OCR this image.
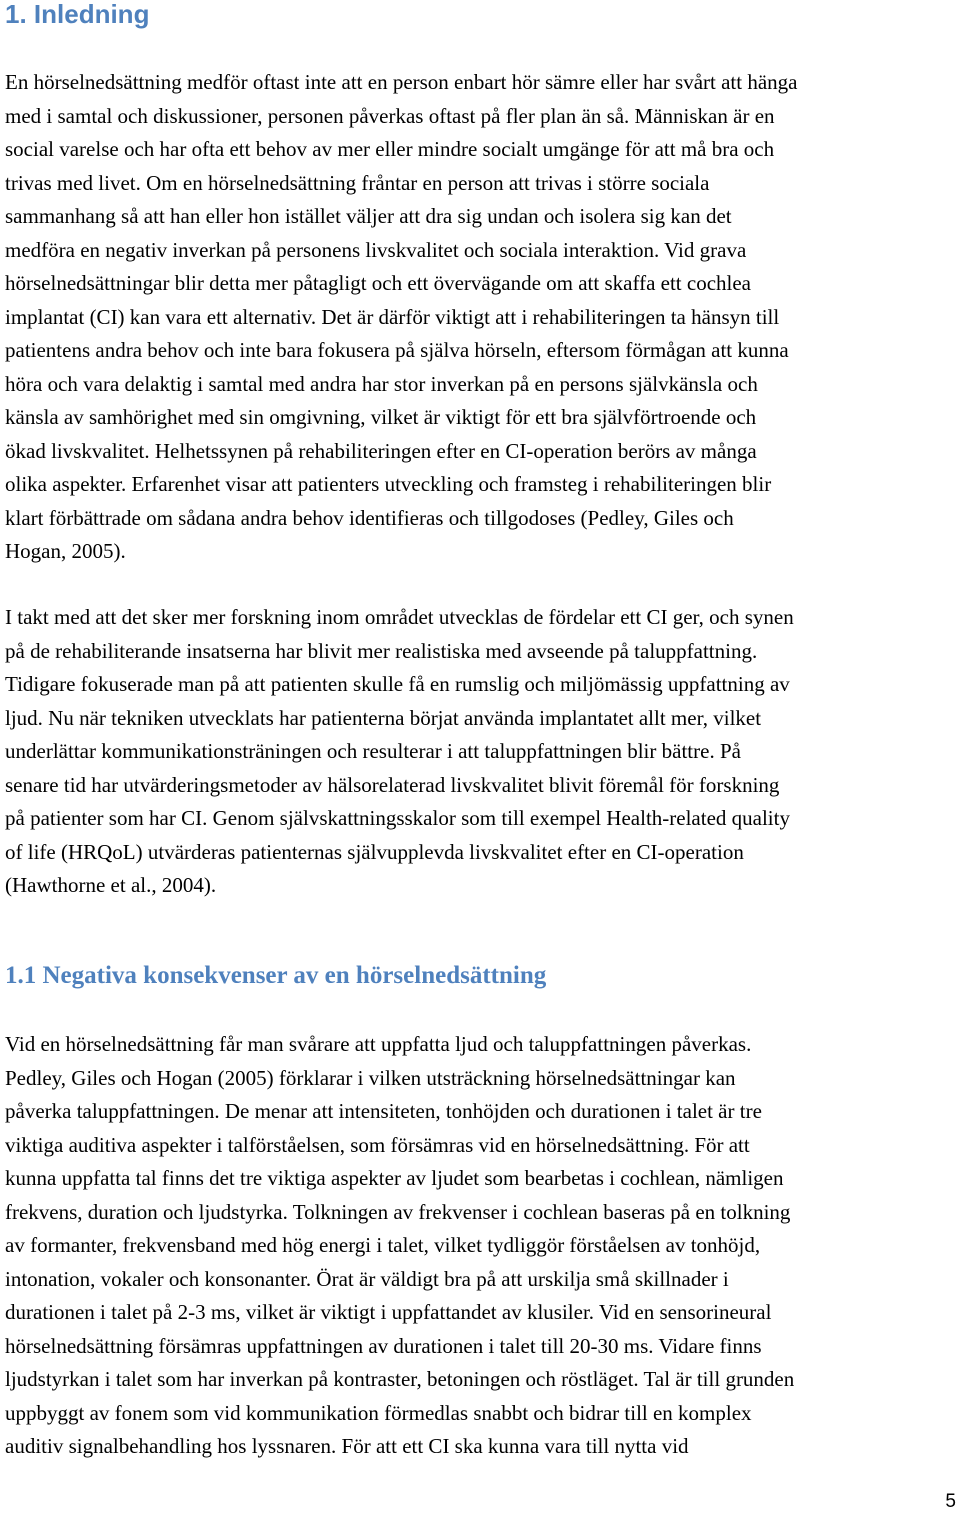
1. Inledning
En hörselnedsättning medför oftast inte att en person enbart hör sämre eller har svårt att hänga
med i samtal och diskussioner, personen påverkas oftast på fler plan än så. Människan är en
social varelse och har ofta ett behov av mer eller mindre socialt umgänge för att må bra och
trivas med livet. Om en hörselnedsättning fråntar en person att trivas i större sociala
sammanhang så att han eller hon istället väljer att dra sig undan och isolera sig kan det
medföra en negativ inverkan på personens livskvalitet och sociala interaktion. Vid grava
hörselnedsättningar blir detta mer påtagligt och ett övervägande om att skaffa ett cochlea
implantat (CI) kan vara ett alternativ. Det är därför viktigt att i rehabiliteringen ta hänsyn till
patientens andra behov och inte bara fokusera på själva hörseln, eftersom förmågan att kunna
höra och vara delaktig i samtal med andra har stor inverkan på en persons självkänsla och
känsla av samhörighet med sin omgivning, vilket är viktigt för ett bra självförtroende och
ökad livskvalitet. Helhetssynen på rehabiliteringen efter en CI-operation berörs av många
olika aspekter. Erfarenhet visar att patienters utveckling och framsteg i rehabiliteringen blir
klart förbättrade om sådana andra behov identifieras och tillgodoses (Pedley, Giles och
Hogan, 2005).
I takt med att det sker mer forskning inom området utvecklas de fördelar ett CI ger, och synen
på de rehabiliterande insatserna har blivit mer realistiska med avseende på taluppfattning.
Tidigare fokuserade man på att patienten skulle få en rumslig och miljömässig uppfattning av
ljud. Nu när tekniken utvecklats har patienterna börjat använda implantatet allt mer, vilket
underlättar kommunikationsträningen och resulterar i att taluppfattningen blir bättre. På
senare tid har utvärderingsmetoder av hälsorelaterad livskvalitet blivit föremål för forskning
på patienter som har CI. Genom självskattningsskalor som till exempel Health-related quality
of life (HRQoL) utvärderas patienternas självupplevda livskvalitet efter en CI-operation
(Hawthorne et al., 2004).
1.1 Negativa konsekvenser av en hörselnedsättning
Vid en hörselnedsättning får man svårare att uppfatta ljud och taluppfattningen påverkas.
Pedley, Giles och Hogan (2005) förklarar i vilken utsträckning hörselnedsättningar kan
påverka taluppfattningen. De menar att intensiteten, tonhöjden och durationen i talet är tre
viktiga auditiva aspekter i talförståelsen, som försämras vid en hörselnedsättning. För att
kunna uppfatta tal finns det tre viktiga aspekter av ljudet som bearbetas i cochlean, nämligen
frekvens, duration och ljudstyrka. Tolkningen av frekvenser i cochlean baseras på en tolkning
av formanter, frekvensband med hög energi i talet, vilket tydliggör förståelsen av tonhöjd,
intonation, vokaler och konsonanter. Örat är väldigt bra på att urskilja små skillnader i
durationen i talet på 2-3 ms, vilket är viktigt i uppfattandet av klusiler. Vid en sensorineural
hörselnedsättning försämras uppfattningen av durationen i talet till 20-30 ms. Vidare finns
ljudstyrkan i talet som har inverkan på kontraster, betoningen och röstläget. Tal är till grunden
uppbyggt av fonem som vid kommunikation förmedlas snabbt och bidrar till en komplex
auditiv signalbehandling hos lyssnaren. För att ett CI ska kunna vara till nytta vid
5
